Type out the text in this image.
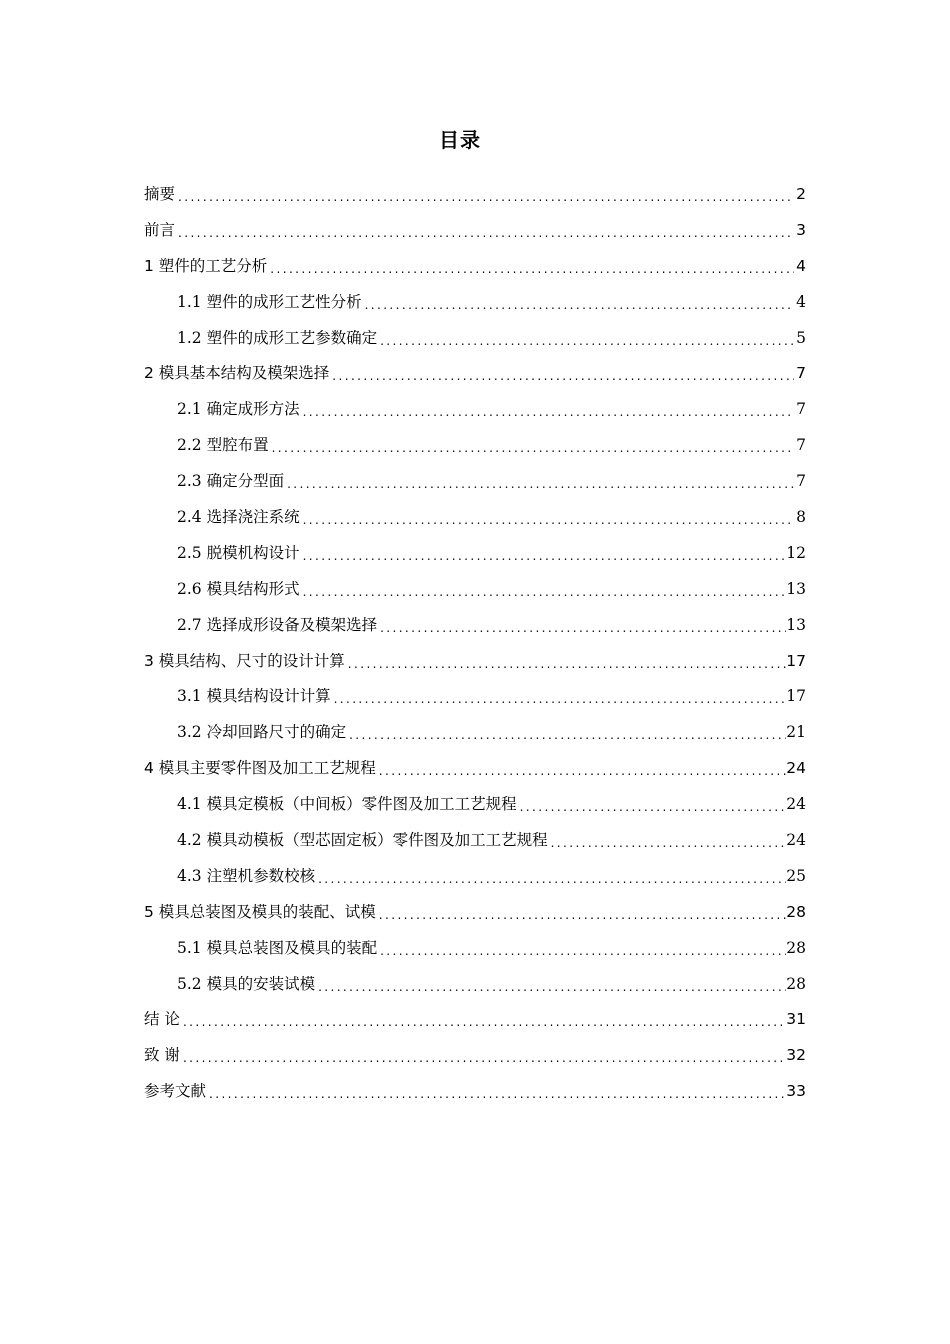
目录
摘要 .....	2
前言 .....	3
1 塑件的工艺分析 .....	4
1.1 塑件的成形工艺性分析 .....	4
1.2 塑件的成形工艺参数确定 .....	5
2 模具基本结构及模架选择 .....	7
2.1 确定成形方法 .....	7
2.2 型腔布置 .....	7
2.3 确定分型面 .....	7
2.4 选择浇注系统 .....	8
2.5 脱模机构设计 .....	12
2.6 模具结构形式 .....	13
2.7 选择成形设备及模架选择 .....	13
3 模具结构、尺寸的设计计算 .....	17
3.1 模具结构设计计算 .....	17
3.2 冷却回路尺寸的确定 .....	21
4 模具主要零件图及加工工艺规程 .....	24
4.1 模具定模板（中间板）零件图及加工工艺规程 .....	24
4.2 模具动模板（型芯固定板）零件图及加工工艺规程 .....	24
4.3 注塑机参数校核 .....	25
5 模具总装图及模具的装配、试模 .....	28
5.1 模具总装图及模具的装配 .....	28
5.2 模具的安装试模 .....	28
结 论 .....	31
致 谢 .....	32
参考文献 .....	33
